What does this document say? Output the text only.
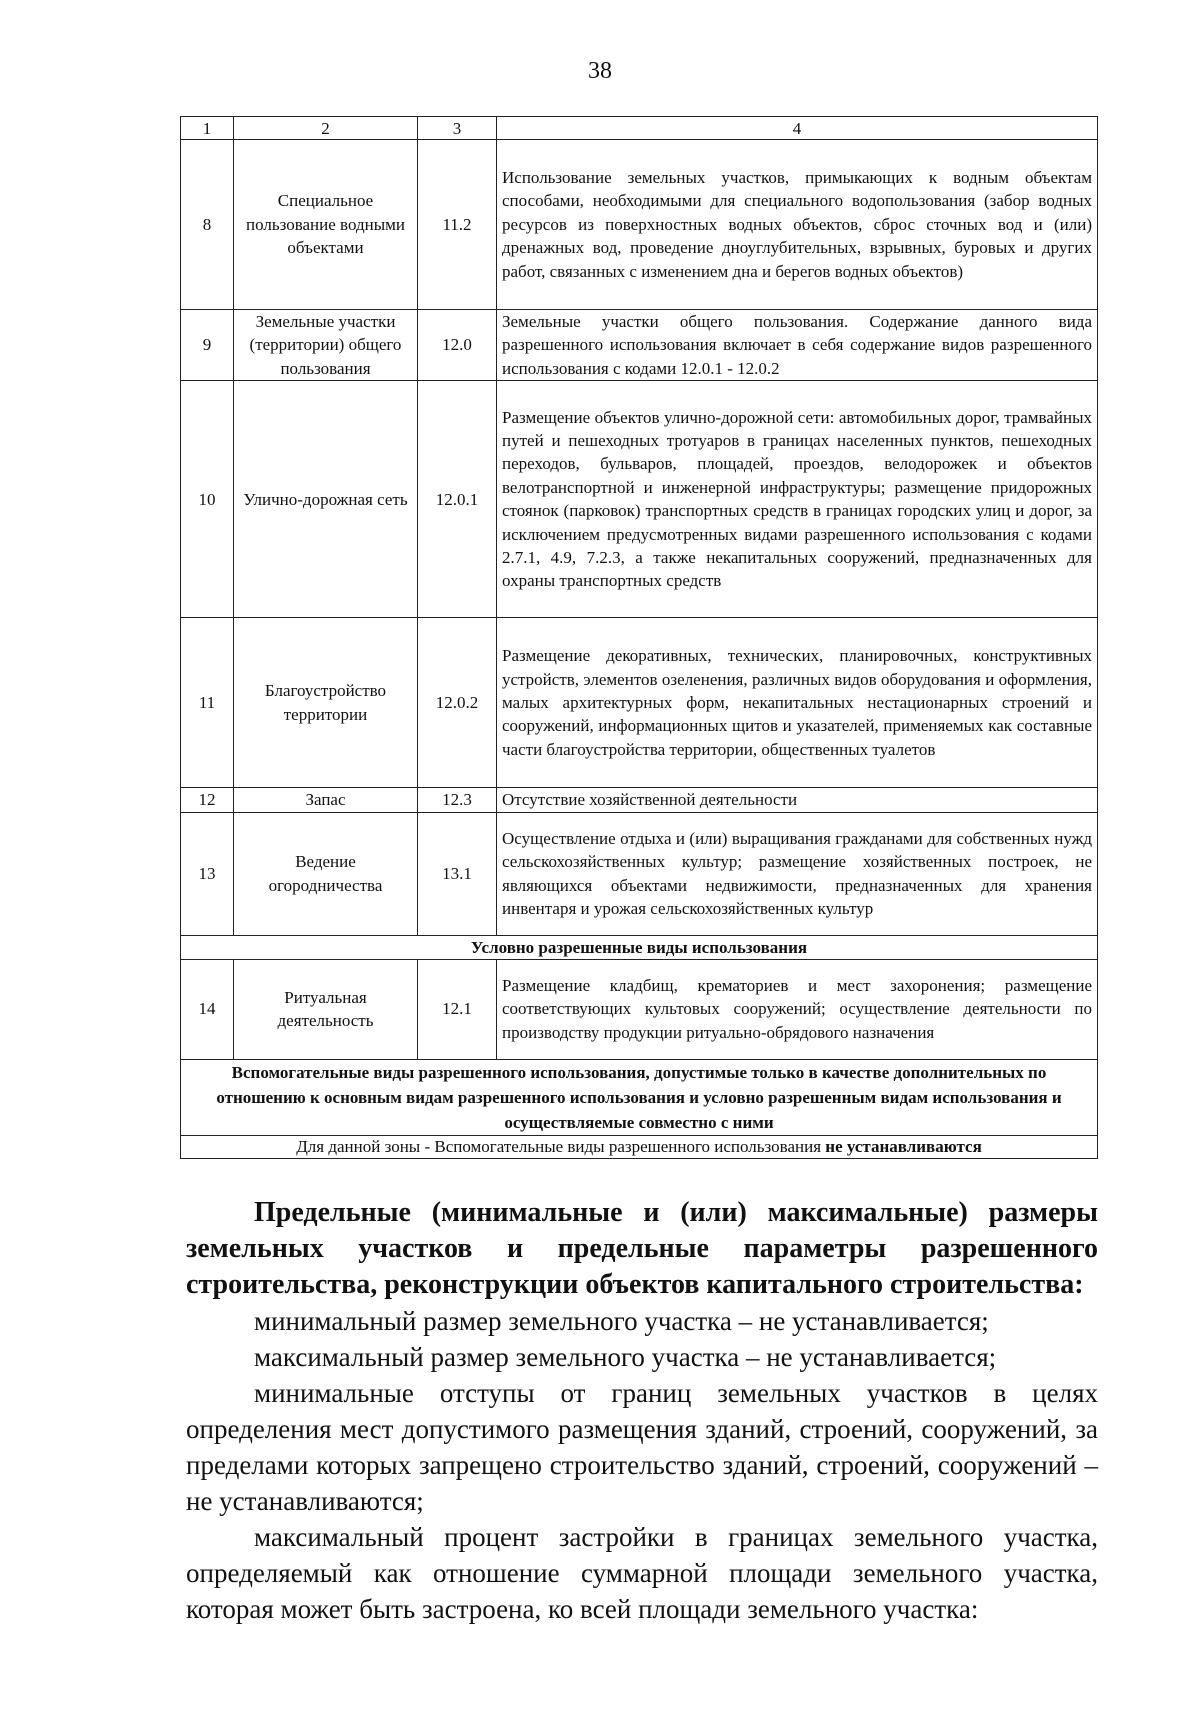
38
1	2	3	4
8	Специальное пользование водными объектами	11.2	Использование земельных участков, примыкающих к водным объектам способами, необходимыми для специального водопользования (забор водных ресурсов из поверхностных водных объектов, сброс сточных вод и (или) дренажных вод, проведение дноуглубительных, взрывных, буровых и других работ, связанных с изменением дна и берегов водных объектов)
9	Земельные участки (территории) общего пользования	12.0	Земельные участки общего пользования. Содержание данного вида разрешенного использования включает в себя содержание видов разрешенного использования с кодами 12.0.1 - 12.0.2
10	Улично-дорожная сеть	12.0.1	Размещение объектов улично-дорожной сети: автомобильных дорог, трамвайных путей и пешеходных тротуаров в границах населенных пунктов, пешеходных переходов, бульваров, площадей, проездов, велодорожек и объектов велотранспортной и инженерной инфраструктуры; размещение придорожных стоянок (парковок) транспортных средств в границах городских улиц и дорог, за исключением предусмотренных видами разрешенного использования с кодами 2.7.1, 4.9, 7.2.3, а также некапитальных сооружений, предназначенных для охраны транспортных средств
11	Благоустройство территории	12.0.2	Размещение декоративных, технических, планировочных, конструктивных устройств, элементов озеленения, различных видов оборудования и оформления, малых архитектурных форм, некапитальных нестационарных строений и сооружений, информационных щитов и указателей, применяемых как составные части благоустройства территории, общественных туалетов
12	Запас	12.3	Отсутствие хозяйственной деятельности
13	Ведение огородничества	13.1	Осуществление отдыха и (или) выращивания гражданами для собственных нужд сельскохозяйственных культур; размещение хозяйственных построек, не являющихся объектами недвижимости, предназначенных для хранения инвентаря и урожая сельскохозяйственных культур
Условно разрешенные виды использования			
14	Ритуальная деятельность	12.1	Размещение кладбищ, крематориев и мест захоронения; размещение соответствующих культовых сооружений; осуществление деятельности по производству продукции ритуально-обрядового назначения
Вспомогательные виды разрешенного использования, допустимые только в качестве дополнительных по отношению к основным видам разрешенного использования и условно разрешенным видам использования и осуществляемые совместно с ними			
Для данной зоны - Вспомогательные виды разрешенного использования не устанавливаются			

Предельные (минимальные и (или) максимальные) размеры земельных участков и предельные параметры разрешенного строительства, реконструкции объектов капитального строительства:

минимальный размер земельного участка – не устанавливается;

максимальный размер земельного участка – не устанавливается;

минимальные отступы от границ земельных участков в целях определения мест допустимого размещения зданий, строений, сооружений, за пределами которых запрещено строительство зданий, строений, сооружений – не устанавливаются;

максимальный процент застройки в границах земельного участка, определяемый как отношение суммарной площади земельного участка, которая может быть застроена, ко всей площади земельного участка:
